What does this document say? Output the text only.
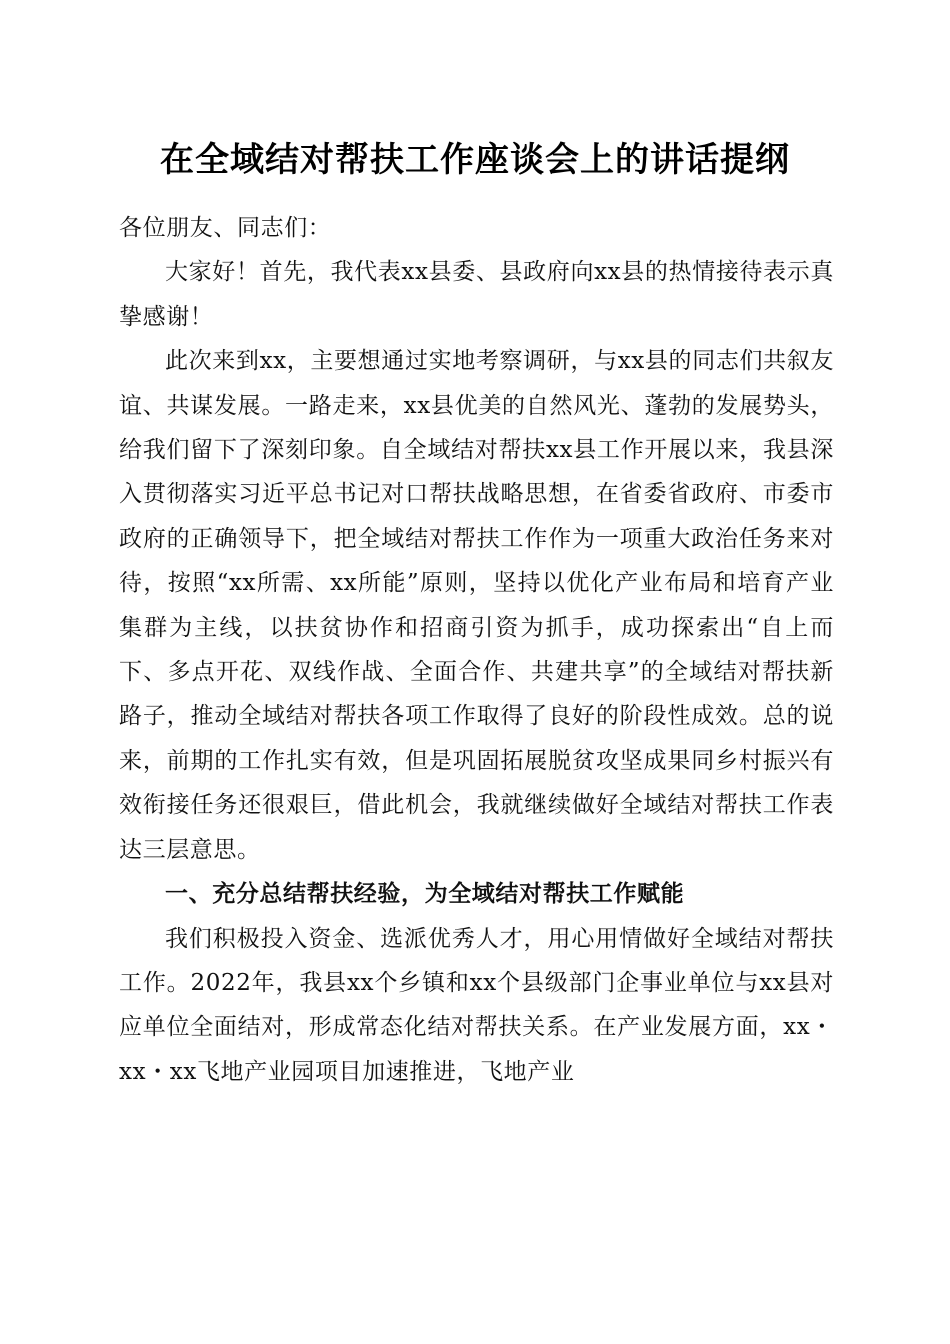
在全域结对帮扶工作座谈会上的讲话提纲

各位朋友、同志们：

大家好！首先，我代表xx县委、县政府向xx县的热情接待表示真挚感谢！

此次来到xx，主要想通过实地考察调研，与xx县的同志们共叙友谊、共谋发展。一路走来，xx县优美的自然风光、蓬勃的发展势头，给我们留下了深刻印象。自全域结对帮扶xx县工作开展以来，我县深入贯彻落实习近平总书记对口帮扶战略思想，在省委省政府、市委市政府的正确领导下，把全域结对帮扶工作作为一项重大政治任务来对待，按照“xx所需、xx所能”原则，坚持以优化产业布局和培育产业集群为主线，以扶贫协作和招商引资为抓手，成功探索出“自上而下、多点开花、双线作战、全面合作、共建共享”的全域结对帮扶新路子，推动全域结对帮扶各项工作取得了良好的阶段性成效。总的说来，前期的工作扎实有效，但是巩固拓展脱贫攻坚成果同乡村振兴有效衔接任务还很艰巨，借此机会，我就继续做好全域结对帮扶工作表达三层意思。

一、充分总结帮扶经验，为全域结对帮扶工作赋能

我们积极投入资金、选派优秀人才，用心用情做好全域结对帮扶工作。2022年，我县xx个乡镇和xx个县级部门企事业单位与xx县对应单位全面结对，形成常态化结对帮扶关系。在产业发展方面，xx・xx・xx飞地产业园项目加速推进，飞地产业
